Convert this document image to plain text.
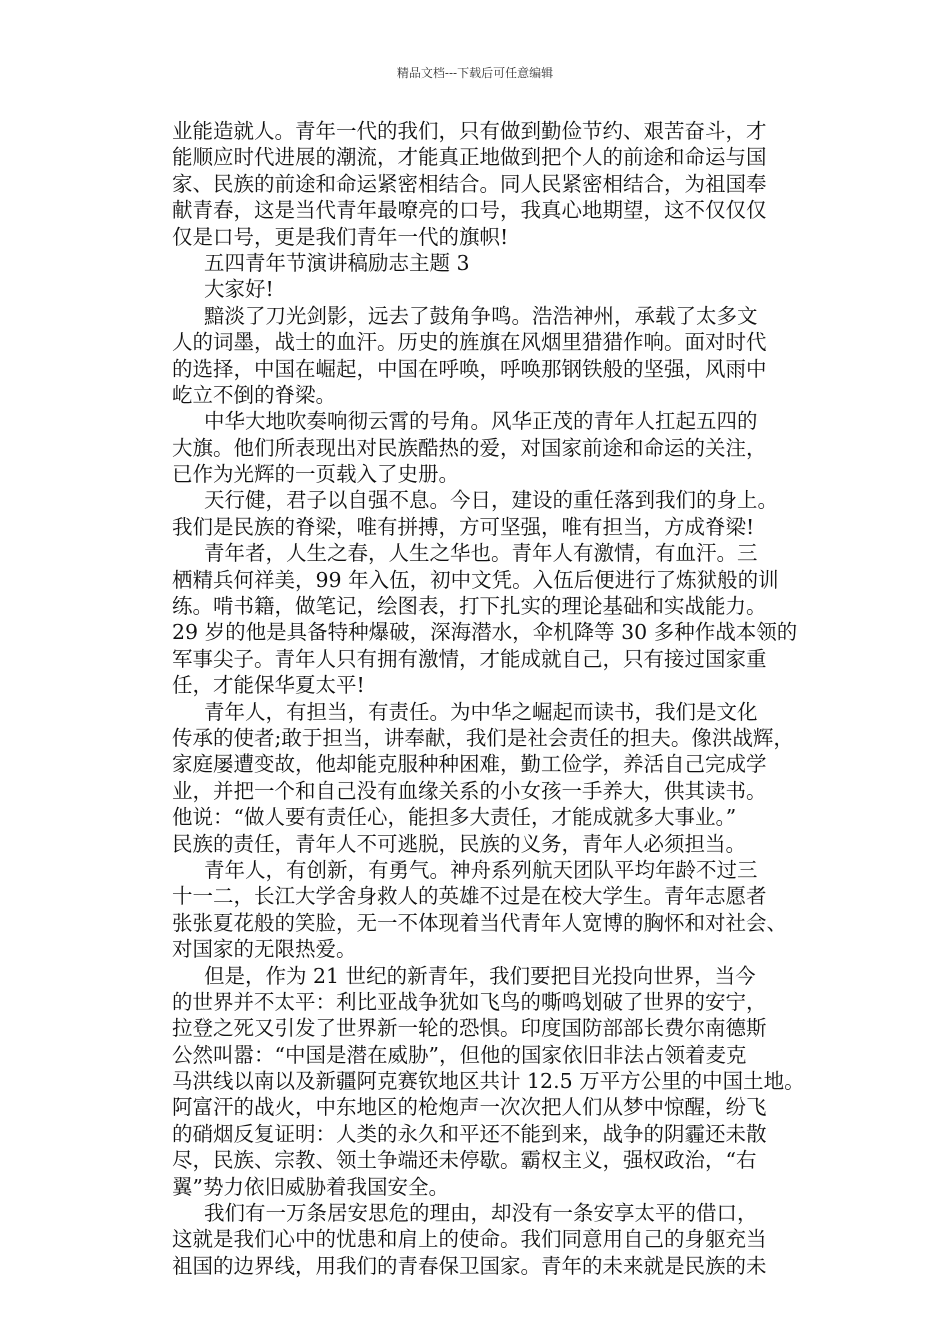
精品文档---下载后可任意编辑
业能造就人。青年一代的我们，只有做到勤俭节约、艰苦奋斗，才
能顺应时代进展的潮流，才能真正地做到把个人的前途和命运与国
家、民族的前途和命运紧密相结合。同人民紧密相结合，为祖国奉
献青春，这是当代青年最嘹亮的口号，我真心地期望，这不仅仅仅
仅是口号，更是我们青年一代的旗帜!
五四青年节演讲稿励志主题 3
大家好!
黯淡了刀光剑影，远去了鼓角争鸣。浩浩神州，承载了太多文
人的词墨，战士的血汗。历史的旌旗在风烟里猎猎作响。面对时代
的选择，中国在崛起，中国在呼唤，呼唤那钢铁般的坚强，风雨中
屹立不倒的脊梁。
中华大地吹奏响彻云霄的号角。风华正茂的青年人扛起五四的
大旗。他们所表现出对民族酷热的爱，对国家前途和命运的关注，
已作为光辉的一页载入了史册。
天行健，君子以自强不息。今日，建设的重任落到我们的身上。
我们是民族的脊梁，唯有拼搏，方可坚强，唯有担当，方成脊梁!
青年者，人生之春，人生之华也。青年人有激情，有血汗。三
栖精兵何祥美，99 年入伍，初中文凭。入伍后便进行了炼狱般的训
练。啃书籍，做笔记，绘图表，打下扎实的理论基础和实战能力。
29 岁的他是具备特种爆破，深海潜水，伞机降等 30 多种作战本领的
军事尖子。青年人只有拥有激情，才能成就自己，只有接过国家重
任，才能保华夏太平!
青年人，有担当，有责任。为中华之崛起而读书，我们是文化
传承的使者;敢于担当，讲奉献，我们是社会责任的担夫。像洪战辉，
家庭屡遭变故，他却能克服种种困难，勤工俭学，养活自己完成学
业，并把一个和自己没有血缘关系的小女孩一手养大，供其读书。
他说：“做人要有责任心，能担多大责任，才能成就多大事业。”
民族的责任，青年人不可逃脱，民族的义务，青年人必须担当。
青年人，有创新，有勇气。神舟系列航天团队平均年龄不过三
十一二，长江大学舍身救人的英雄不过是在校大学生。青年志愿者
张张夏花般的笑脸，无一不体现着当代青年人宽博的胸怀和对社会、
对国家的无限热爱。
但是，作为 21 世纪的新青年，我们要把目光投向世界，当今
的世界并不太平：利比亚战争犹如飞鸟的嘶鸣划破了世界的安宁，
拉登之死又引发了世界新一轮的恐惧。印度国防部部长费尔南德斯
公然叫嚣：“中国是潜在威胁”，但他的国家依旧非法占领着麦克
马洪线以南以及新疆阿克赛钦地区共计 12.5 万平方公里的中国土地。
阿富汗的战火，中东地区的枪炮声一次次把人们从梦中惊醒，纷飞
的硝烟反复证明：人类的永久和平还不能到来，战争的阴霾还未散
尽，民族、宗教、领土争端还未停歇。霸权主义，强权政治，“右
翼”势力依旧威胁着我国安全。
我们有一万条居安思危的理由，却没有一条安享太平的借口，
这就是我们心中的忧患和肩上的使命。我们同意用自己的身躯充当
祖国的边界线，用我们的青春保卫国家。青年的未来就是民族的未
